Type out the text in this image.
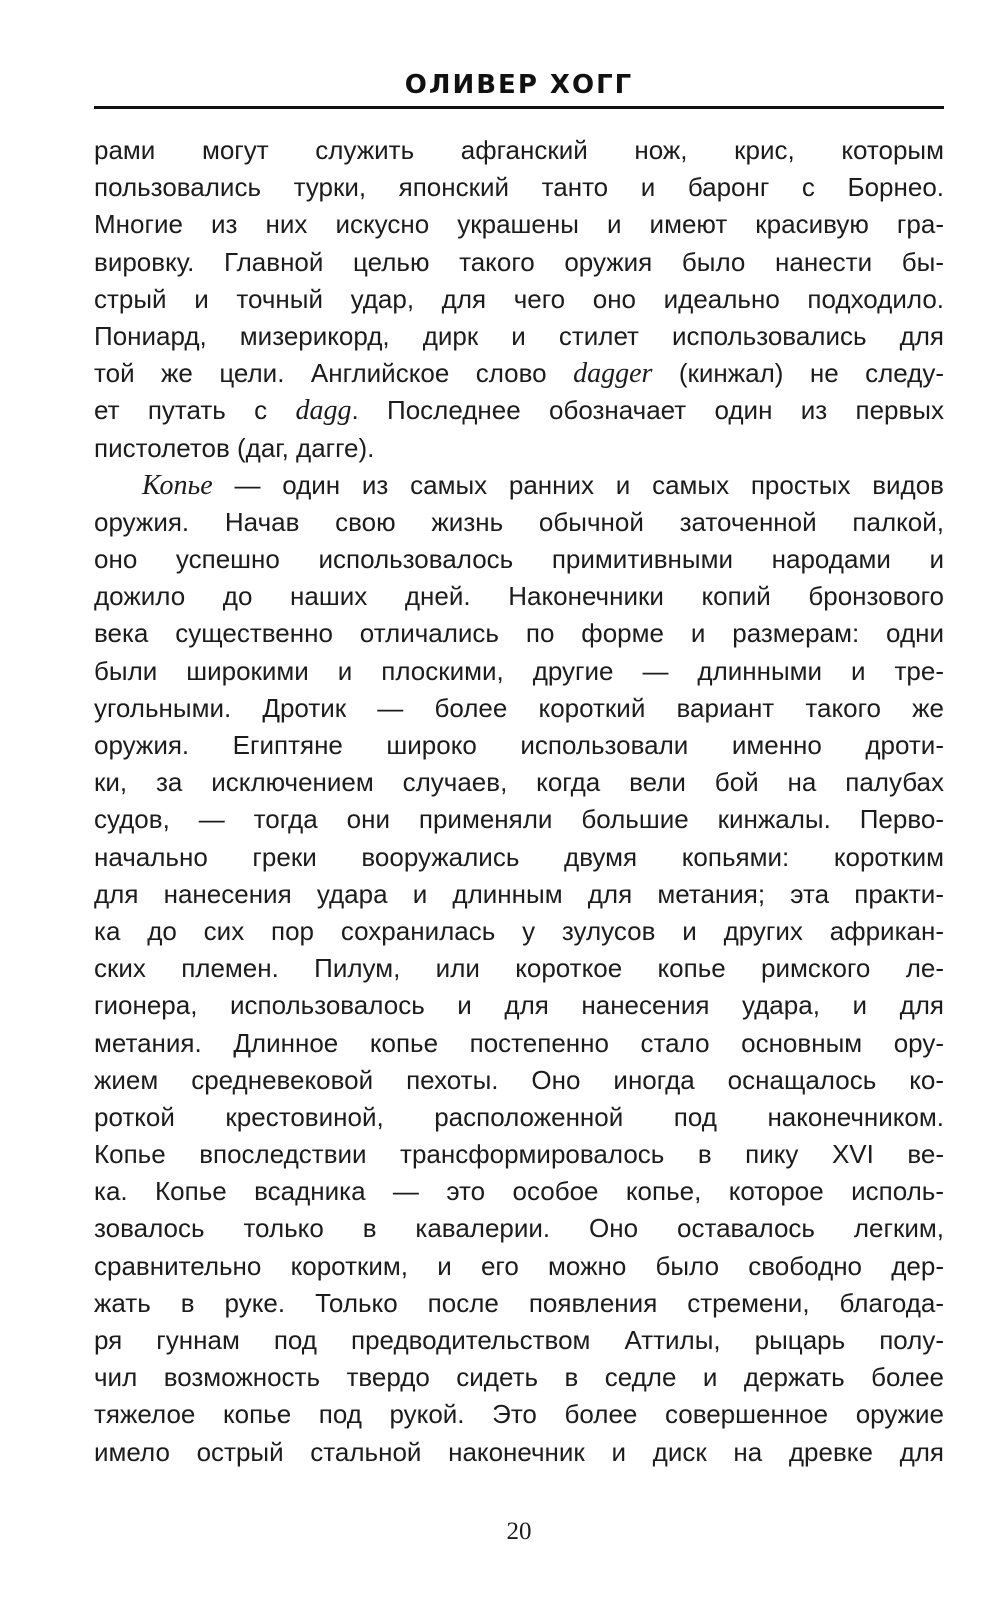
ОЛИВЕР ХОГГ
рами могут служить афганский нож, крис, которым
пользовались турки, японский танто и баронг с Борнео.
Многие из них искусно украшены и имеют красивую гра-
вировку. Главной целью такого оружия было нанести бы-
стрый и точный удар, для чего оно идеально подходило.
Пониард, мизерикорд, дирк и стилет использовались для
той же цели. Английское слово dagger (кинжал) не следу-
ет путать с dagg. Последнее обозначает один из первых
пистолетов (даг, дагге).
Копье — один из самых ранних и самых простых видов
оружия. Начав свою жизнь обычной заточенной палкой,
оно успешно использовалось примитивными народами и
дожило до наших дней. Наконечники копий бронзового
века существенно отличались по форме и размерам: одни
были широкими и плоскими, другие — длинными и тре-
угольными. Дротик — более короткий вариант такого же
оружия. Египтяне широко использовали именно дроти-
ки, за исключением случаев, когда вели бой на палубах
судов, — тогда они применяли большие кинжалы. Перво-
начально греки вооружались двумя копьями: коротким
для нанесения удара и длинным для метания; эта практи-
ка до сих пор сохранилась у зулусов и других африкан-
ских племен. Пилум, или короткое копье римского ле-
гионера, использовалось и для нанесения удара, и для
метания. Длинное копье постепенно стало основным ору-
жием средневековой пехоты. Оно иногда оснащалось ко-
роткой крестовиной, расположенной под наконечником.
Копье впоследствии трансформировалось в пику XVI ве-
ка. Копье всадника — это особое копье, которое исполь-
зовалось только в кавалерии. Оно оставалось легким,
сравнительно коротким, и его можно было свободно дер-
жать в руке. Только после появления стремени, благода-
ря гуннам под предводительством Аттилы, рыцарь полу-
чил возможность твердо сидеть в седле и держать более
тяжелое копье под рукой. Это более совершенное оружие
имело острый стальной наконечник и диск на древке для
20
